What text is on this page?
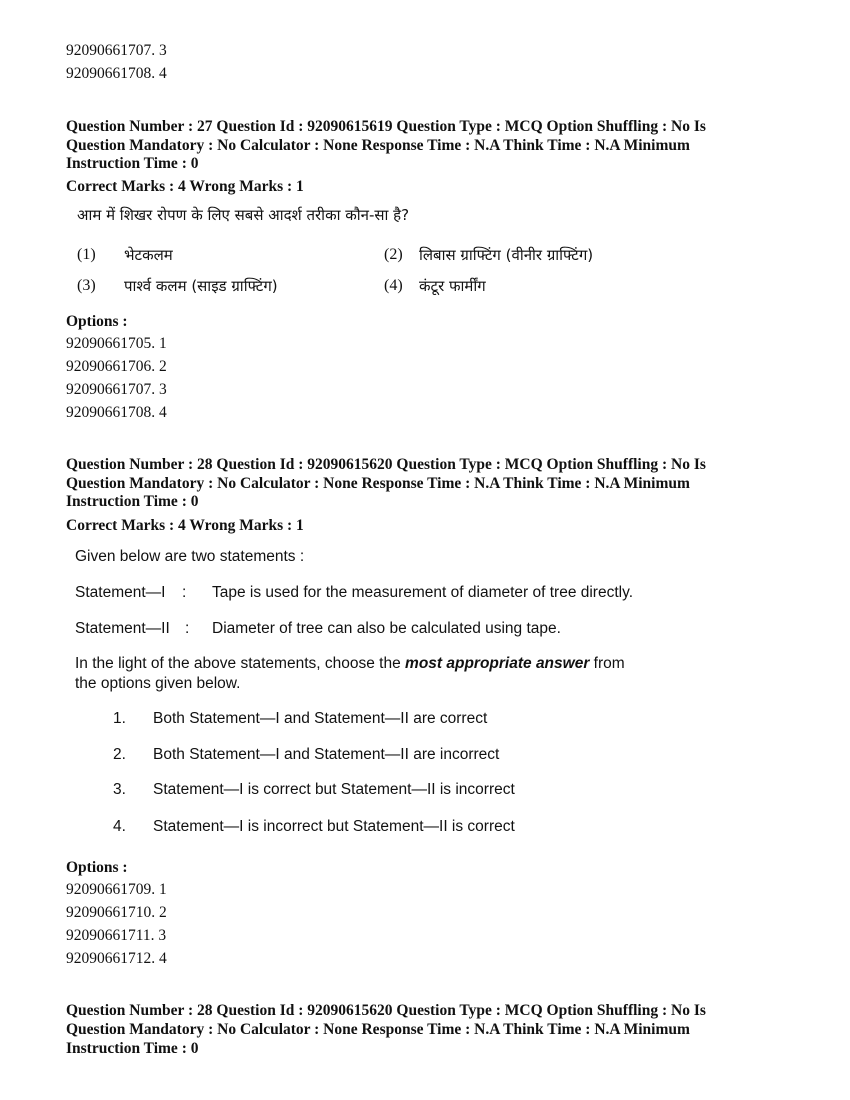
92090661707. 3
92090661708. 4
Question Number : 27 Question Id : 92090615619 Question Type : MCQ Option Shuffling : No Is
Question Mandatory : No Calculator : None Response Time : N.A Think Time : N.A Minimum
Instruction Time : 0
Correct Marks : 4 Wrong Marks : 1
आम में शिखर रोपण के लिए सबसे आदर्श तरीका कौन-सा है?
(1) भेटकलम	(2) लिबास ग्राफ्टिंग (वीनीर ग्राफ्टिंग)
(3) पार्श्व कलम (साइड ग्राफ्टिंग)	(4) कंटूर फार्मींग
Options :
92090661705. 1
92090661706. 2
92090661707. 3
92090661708. 4
Question Number : 28 Question Id : 92090615620 Question Type : MCQ Option Shuffling : No Is
Question Mandatory : No Calculator : None Response Time : N.A Think Time : N.A Minimum
Instruction Time : 0
Correct Marks : 4 Wrong Marks : 1
Given below are two statements :
Statement—I : Tape is used for the measurement of diameter of tree directly.
Statement—II : Diameter of tree can also be calculated using tape.
In the light of the above statements, choose the most appropriate answer from
the options given below.
1. Both Statement—I and Statement—II are correct
2. Both Statement—I and Statement—II are incorrect
3. Statement—I is correct but Statement—II is incorrect
4. Statement—I is incorrect but Statement—II is correct
Options :
92090661709. 1
92090661710. 2
92090661711. 3
92090661712. 4
Question Number : 28 Question Id : 92090615620 Question Type : MCQ Option Shuffling : No Is
Question Mandatory : No Calculator : None Response Time : N.A Think Time : N.A Minimum
Instruction Time : 0
